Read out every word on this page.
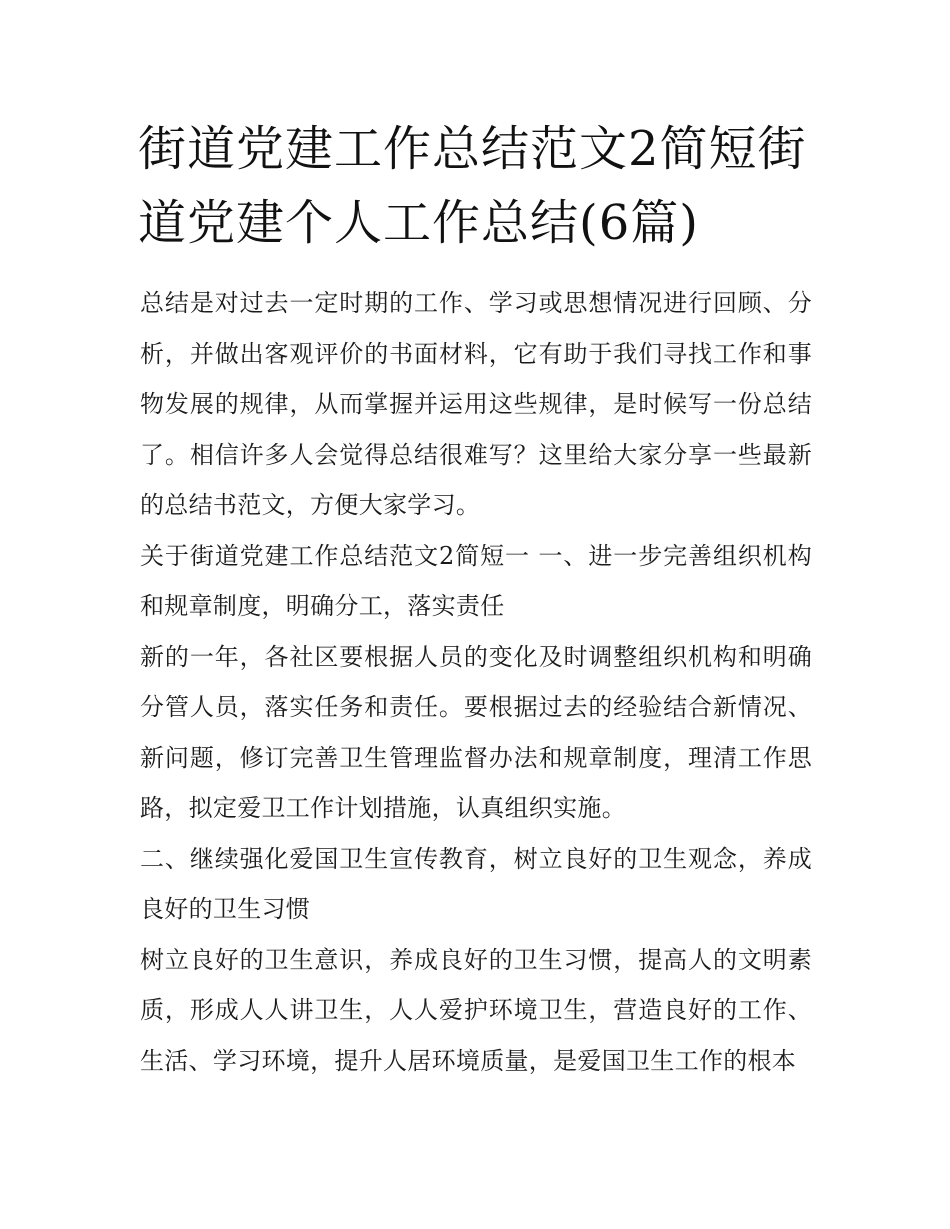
街道党建工作总结范文2简短街道党建个人工作总结(6篇)

总结是对过去一定时期的工作、学习或思想情况进行回顾、分析，并做出客观评价的书面材料，它有助于我们寻找工作和事物发展的规律，从而掌握并运用这些规律，是时候写一份总结了。相信许多人会觉得总结很难写？这里给大家分享一些最新的总结书范文，方便大家学习。

关于街道党建工作总结范文2简短一 一、进一步完善组织机构和规章制度，明确分工，落实责任

新的一年，各社区要根据人员的变化及时调整组织机构和明确分管人员，落实任务和责任。要根据过去的经验结合新情况、新问题，修订完善卫生管理监督办法和规章制度，理清工作思路，拟定爱卫工作计划措施，认真组织实施。

二、继续强化爱国卫生宣传教育，树立良好的卫生观念，养成良好的卫生习惯

树立良好的卫生意识，养成良好的卫生习惯，提高人的文明素质，形成人人讲卫生，人人爱护环境卫生，营造良好的工作、生活、学习环境，提升人居环境质量，是爱国卫生工作的根本
